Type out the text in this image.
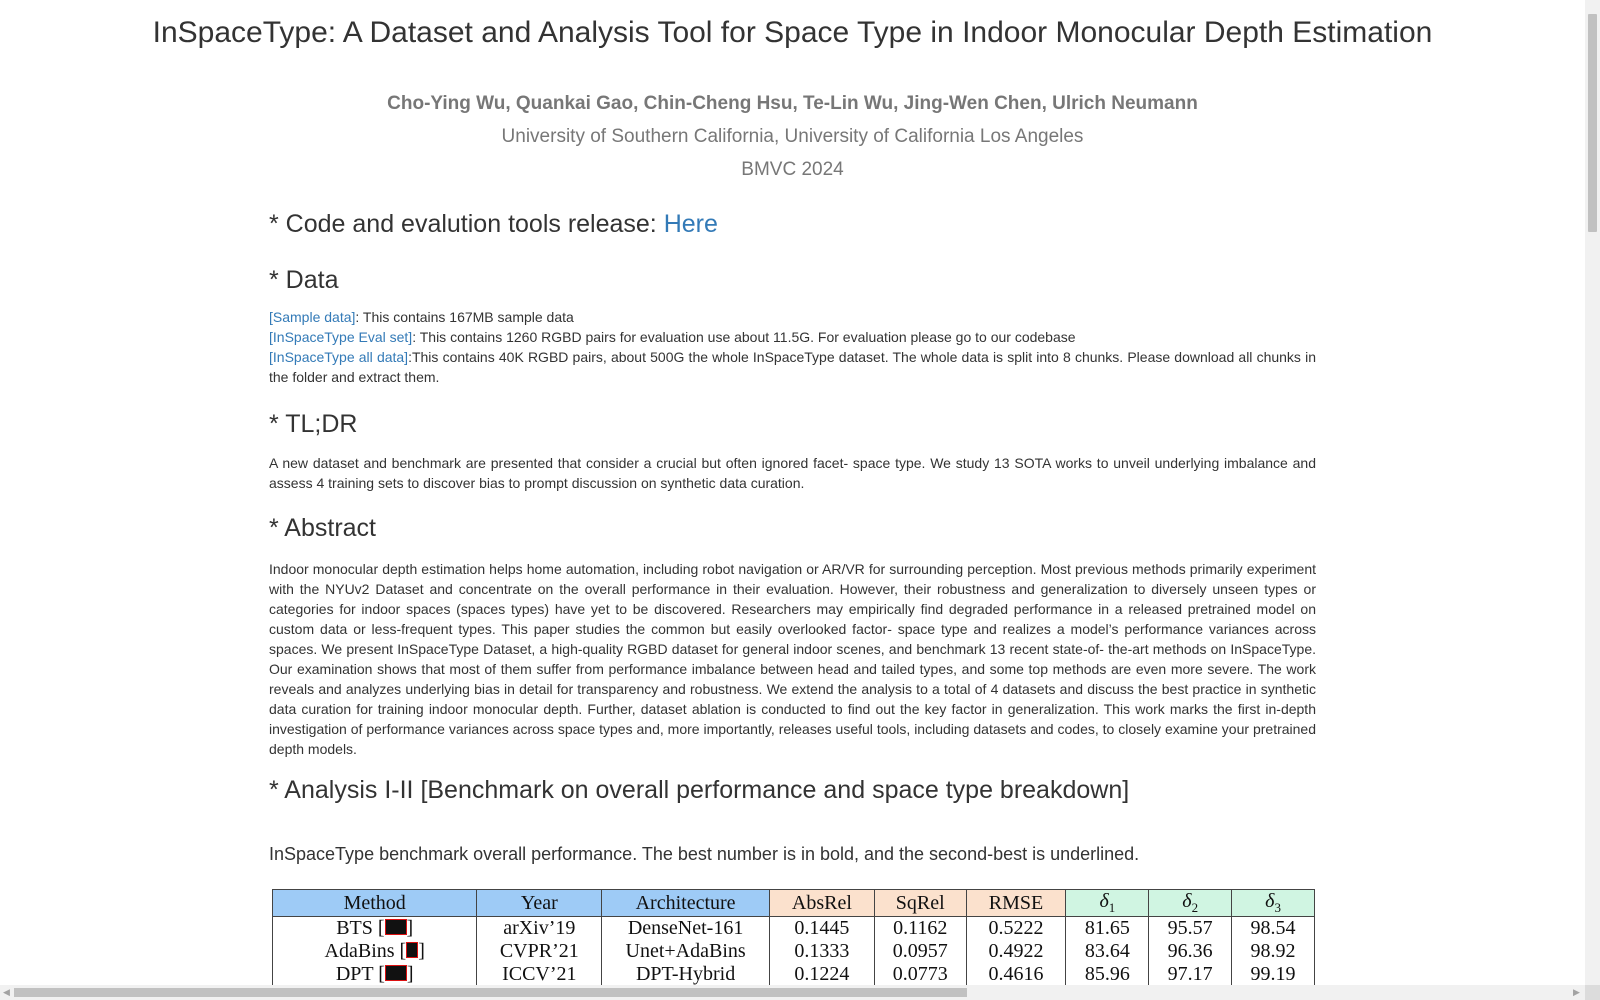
InSpaceType: A Dataset and Analysis Tool for Space Type in Indoor Monocular Depth Estimation
Cho-Ying Wu, Quankai Gao, Chin-Cheng Hsu, Te-Lin Wu, Jing-Wen Chen, Ulrich Neumann
University of Southern California, University of California Los Angeles
BMVC 2024
* Code and evalution tools release: Here
* Data

[Sample data]: This contains 167MB sample data

[InSpaceType Eval set]: This contains 1260 RGBD pairs for evaluation use about 11.5G. For evaluation please go to our codebase

[InSpaceType all data]:This contains 40K RGBD pairs, about 500G the whole InSpaceType dataset. The whole data is split into 8 chunks. Please download all chunks in the folder and extract them.

* TL;DR

A new dataset and benchmark are presented that consider a crucial but often ignored facet- space type. We study 13 SOTA works to unveil underlying imbalance and assess 4 training sets to discover bias to prompt discussion on synthetic data curation.

* Abstract

Indoor monocular depth estimation helps home automation, including robot navigation or AR/VR for surrounding perception. Most previous methods primarily experiment with the NYUv2 Dataset and concentrate on the overall performance in their evaluation. However, their robustness and generalization to diversely unseen types or categories for indoor spaces (spaces types) have yet to be discovered. Researchers may empirically find degraded performance in a released pretrained model on custom data or less-frequent types. This paper studies the common but easily overlooked factor- space type and realizes a model’s performance variances across spaces. We present InSpaceType Dataset, a high-quality RGBD dataset for general indoor scenes, and benchmark 13 recent state-of- the-art methods on InSpaceType. Our examination shows that most of them suffer from performance imbalance between head and tailed types, and some top methods are even more severe. The work reveals and analyzes underlying bias in detail for transparency and robustness. We extend the analysis to a total of 4 datasets and discuss the best practice in synthetic data curation for training indoor monocular depth. Further, dataset ablation is conducted to find out the key factor in generalization. This work marks the first in-depth investigation of performance variances across space types and, more importantly, releases useful tools, including datasets and codes, to closely examine your pretrained depth models.

* Analysis I-II [Benchmark on overall performance and space type breakdown]
InSpaceType benchmark overall performance. The best number is in bold, and the second-best is underlined.
Method	Year	Architecture	AbsRel	SqRel	RMSE	$\delta_1$	$\delta_2$	$\delta_3$
BTS [ ]	arXiv’19	DenseNet-161	0.1445	0.1162	0.5222	81.65	95.57	98.54
AdaBins [ ]	CVPR’21	Unet+AdaBins	0.1333	0.0957	0.4922	83.64	96.36	98.92
DPT [ ]	ICCV’21	DPT-Hybrid	0.1224	0.0773	0.4616	85.96	97.17	99.19
◀	▶
